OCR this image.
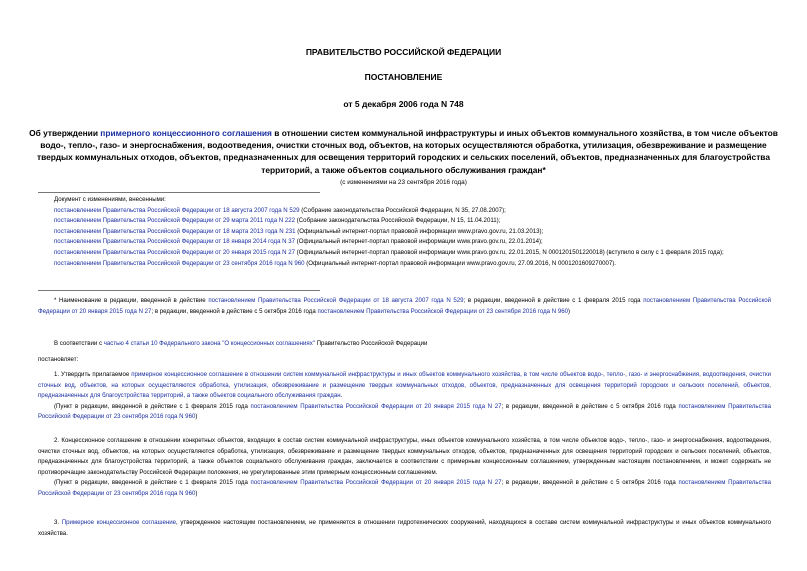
ПРАВИТЕЛЬСТВО РОССИЙСКОЙ ФЕДЕРАЦИИ
ПОСТАНОВЛЕНИЕ
от 5 декабря 2006 года N 748
Об утверждении примерного концессионного соглашения в отношении систем коммунальной инфраструктуры и иных объектов коммунального хозяйства, в том числе объектов водо-, тепло-, газо- и энергоснабжения, водоотведения, очистки сточных вод, объектов, на которых осуществляются обработка, утилизация, обезвреживание и размещение твердых коммунальных отходов, объектов, предназначенных для освещения территорий городских и сельских поселений, объектов, предназначенных для благоустройства территорий, а также объектов социального обслуживания граждан*
(с изменениями на 23 сентября 2016 года)
Документ с изменениями, внесенными:
постановлением Правительства Российской Федерации от 18 августа 2007 года N 529 (Собрание законодательства Российской Федерации, N 35, 27.08.2007);
постановлением Правительства Российской Федерации от 29 марта 2011 года N 222 (Собрание законодательства Российской Федерации, N 15, 11.04.2011);
постановлением Правительства Российской Федерации от 18 марта 2013 года N 231 (Официальный интернет-портал правовой информации www.pravo.gov.ru, 21.03.2013);
постановлением Правительства Российской Федерации от 18 января 2014 года N 37 (Официальный интернет-портал правовой информации www.pravo.gov.ru, 22.01.2014);
постановлением Правительства Российской Федерации от 20 января 2015 года N 27 (Официальный интернет-портал правовой информации www.pravo.gov.ru, 22.01.2015, N 0001201501220018) (вступило в силу с 1 февраля 2015 года);
постановлением Правительства Российской Федерации от 23 сентября 2016 года N 960 (Официальный интернет-портал правовой информации www.pravo.gov.ru, 27.09.2016, N 0001201609270007).
* Наименование в редакции, введенной в действие постановлением Правительства Российской Федерации от 18 августа 2007 года N 529; в редакции, введенной в действие с 1 февраля 2015 года постановлением Правительства Российской Федерации от 20 января 2015 года N 27; в редакции, введенной в действие с 5 октября 2016 года постановлением Правительства Российской Федерации от 23 сентября 2016 года N 960)
В соответствии с частью 4 статьи 10 Федерального закона "О концессионных соглашениях" Правительство Российской Федерации
постановляет:
1. Утвердить прилагаемое примерное концессионное соглашение в отношении систем коммунальной инфраструктуры и иных объектов коммунального хозяйства, в том числе объектов водо-, тепло-, газо- и энергоснабжения, водоотведения, очистки сточных вод, объектов, на которых осуществляются обработка, утилизация, обезвреживание и размещение твердых коммунальных отходов, объектов, предназначенных для освещения территорий городских и сельских поселений, объектов, предназначенных для благоустройства территорий, а также объектов социального обслуживания граждан.
(Пункт в редакции, введенной в действие с 1 февраля 2015 года постановлением Правительства Российской Федерации от 20 января 2015 года N 27; в редакции, введенной в действие с 5 октября 2016 года постановлением Правительства Российской Федерации от 23 сентября 2016 года N 960)
2. Концессионное соглашение в отношении конкретных объектов, входящих в состав систем коммунальной инфраструктуры, иных объектов коммунального хозяйства, в том числе объектов водо-, тепло-, газо- и энергоснабжения, водоотведения, очистки сточных вод, объектов, на которых осуществляются обработка, утилизация, обезвреживание и размещение твердых коммунальных отходов, объектов, предназначенных для освещения территорий городских и сельских поселений, объектов, предназначенных для благоустройства территорий, а также объектов социального обслуживания граждан, заключается в соответствии с примерным концессионным соглашением, утвержденным настоящим постановлением, и может содержать не противоречащие законодательству Российской Федерации положения, не урегулированные этим примерным концессионным соглашением.
(Пункт в редакции, введенной в действие с 1 февраля 2015 года постановлением Правительства Российской Федерации от 20 января 2015 года N 27; в редакции, введенной в действие с 5 октября 2016 года постановлением Правительства Российской Федерации от 23 сентября 2016 года N 960)
3. Примерное концессионное соглашение, утвержденное настоящим постановлением, не применяется в отношении гидротехнических сооружений, находящихся в составе систем коммунальной инфраструктуры и иных объектов коммунального хозяйства.
